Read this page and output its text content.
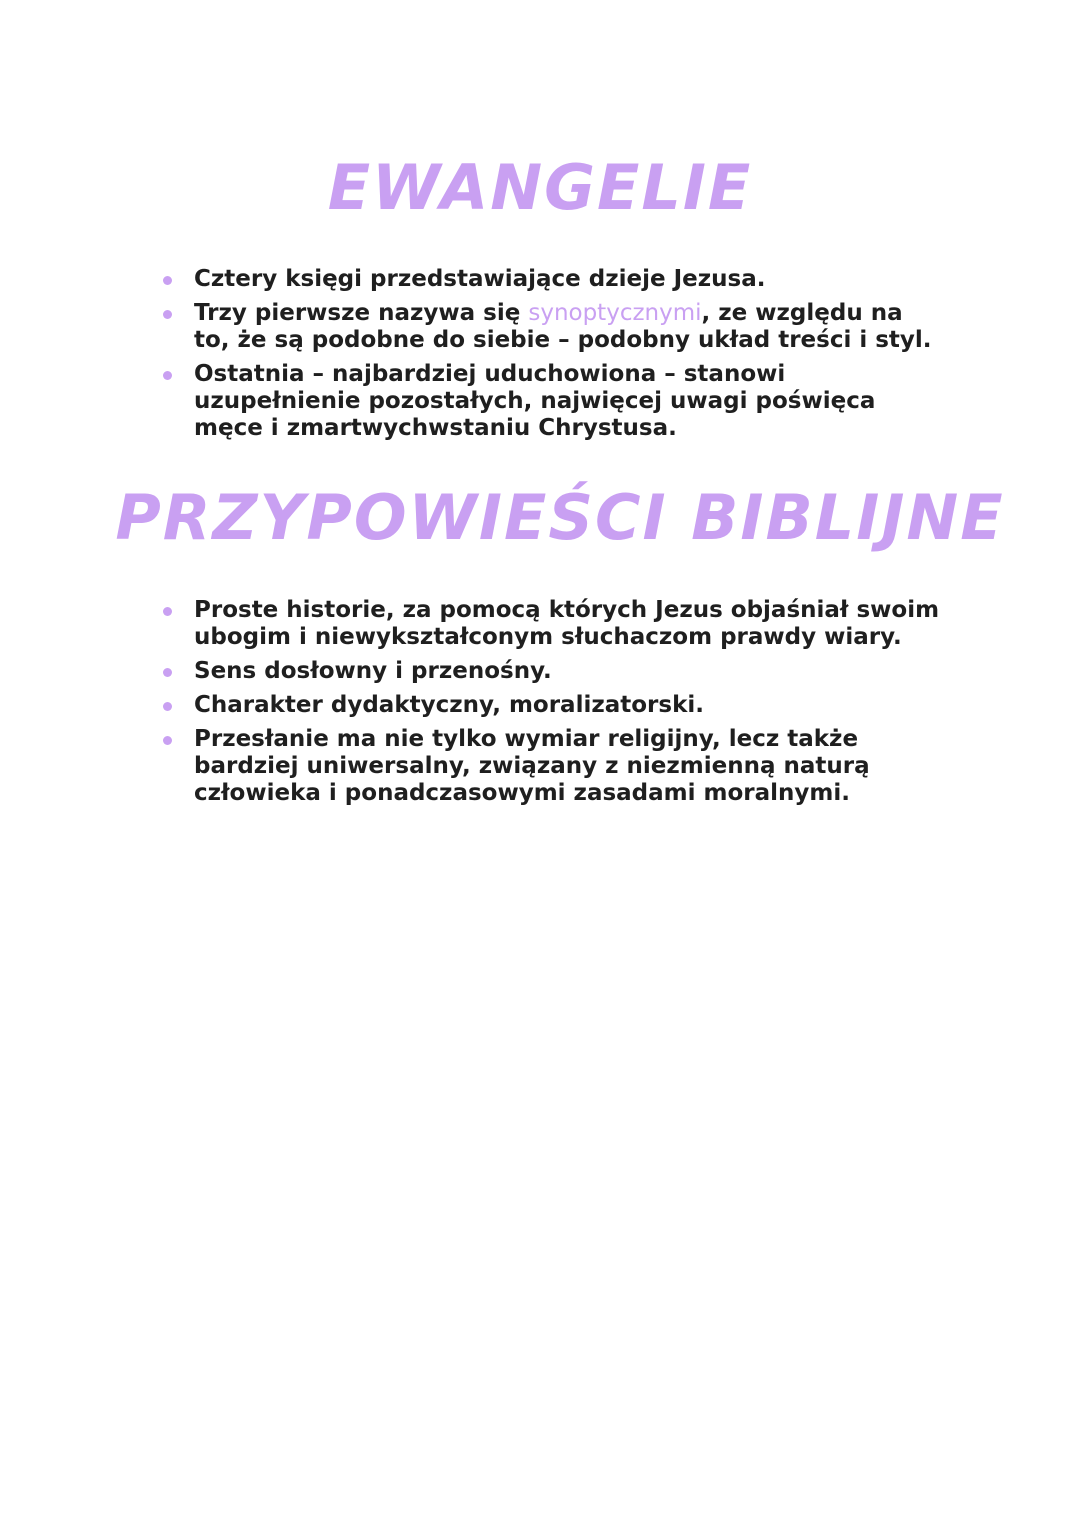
EWANGELIE
Cztery księgi przedstawiające dzieje Jezusa.
Trzy pierwsze nazywa się synoptycznymi, ze względu na to, że są podobne do siebie – podobny układ treści i styl.
Ostatnia – najbardziej uduchowiona – stanowi uzupełnienie pozostałych, najwięcej uwagi poświęca męce i zmartwychwstaniu Chrystusa.
PRZYPOWIEŚCI BIBLIJNE
Proste historie, za pomocą których Jezus objaśniał swoim ubogim i niewykształconym słuchaczom prawdy wiary.
Sens dosłowny i przenośny.
Charakter dydaktyczny, moralizatorski.
Przesłanie ma nie tylko wymiar religijny, lecz także bardziej uniwersalny, związany z niezmienną naturą człowieka i ponadczasowymi zasadami moralnymi.
